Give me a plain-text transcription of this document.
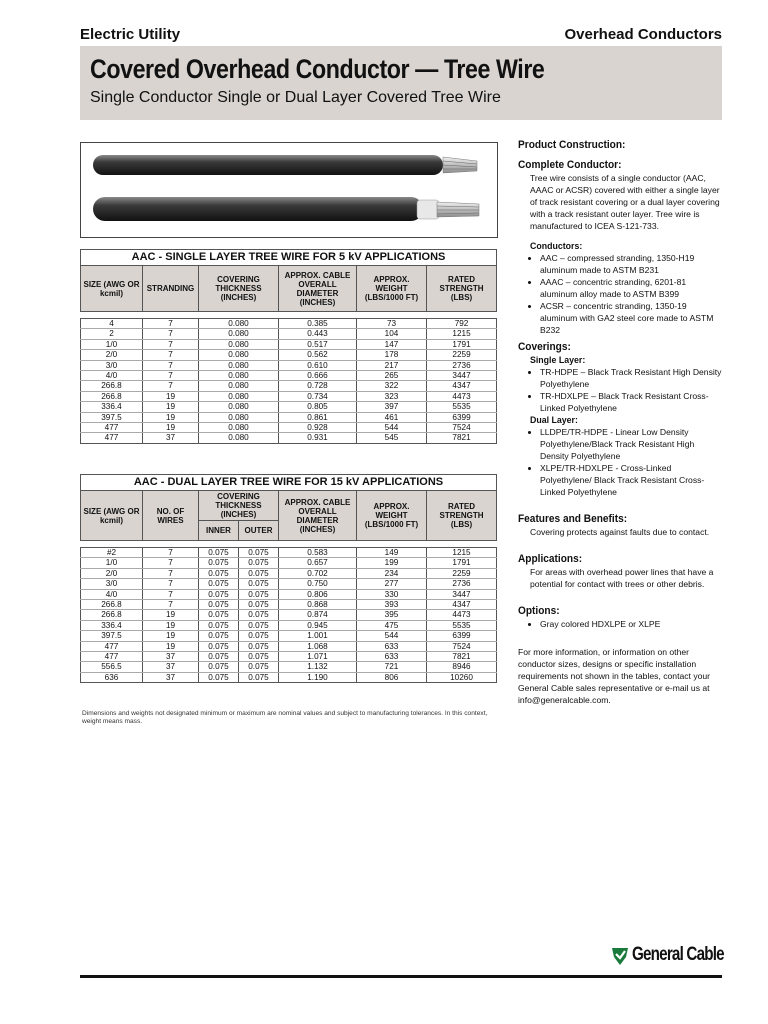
Electric Utility	Overhead Conductors
Covered Overhead Conductor — Tree Wire
Single Conductor Single or Dual Layer Covered Tree Wire
AAC - SINGLE LAYER TREE WIRE FOR 5 kV APPLICATIONS					
SIZE (AWG OR kcmil)	STRANDING	COVERING THICKNESS (INCHES)	APPROX. CABLE OVERALL DIAMETER (INCHES)	APPROX. WEIGHT (LBS/1000 FT)	RATED STRENGTH (LBS)

4	7	0.080	0.385	73	792
2	7	0.080	0.443	104	1215
1/0	7	0.080	0.517	147	1791
2/0	7	0.080	0.562	178	2259
3/0	7	0.080	0.610	217	2736
4/0	7	0.080	0.666	265	3447
266.8	7	0.080	0.728	322	4347
266.8	19	0.080	0.734	323	4473
336.4	19	0.080	0.805	397	5535
397.5	19	0.080	0.861	461	6399
477	19	0.080	0.928	544	7524
477	37	0.080	0.931	545	7821
AAC - DUAL LAYER TREE WIRE FOR 15 kV APPLICATIONS						
SIZE (AWG OR kcmil)	NO. OF WIRES	COVERING THICKNESS (INCHES)		APPROX. CABLE OVERALL DIAMETER (INCHES)	APPROX. WEIGHT (LBS/1000 FT)	RATED STRENGTH (LBS)
		INNER	OUTER			

#2	7	0.075	0.075	0.583	149	1215
1/0	7	0.075	0.075	0.657	199	1791
2/0	7	0.075	0.075	0.702	234	2259
3/0	7	0.075	0.075	0.750	277	2736
4/0	7	0.075	0.075	0.806	330	3447
266.8	7	0.075	0.075	0.868	393	4347
266.8	19	0.075	0.075	0.874	395	4473
336.4	19	0.075	0.075	0.945	475	5535
397.5	19	0.075	0.075	1.001	544	6399
477	19	0.075	0.075	1.068	633	7524
477	37	0.075	0.075	1.071	633	7821
556.5	37	0.075	0.075	1.132	721	8946
636	37	0.075	0.075	1.190	806	10260
Dimensions and weights not designated minimum or maximum are nominal values and subject to manufacturing tolerances. In this context, weight means mass.
Product Construction:
Complete Conductor:

Tree wire consists of a single conductor (AAC, AAAC or ACSR) covered with either a single layer of track resistant covering or a dual layer covering with a track resistant outer layer. Tree wire is manufactured to ICEA S-121-733.

Conductors:
• AAC – compressed stranding, 1350-H19 aluminum made to ASTM B231
• AAAC – concentric stranding, 6201-81 aluminum alloy made to ASTM B399
• ACSR – concentric stranding, 1350-19 aluminum with GA2 steel core made to ASTM B232
Coverings:
Single Layer:
• TR-HDPE – Black Track Resistant High Density Polyethylene
• TR-HDXLPE – Black Track Resistant Cross-Linked Polyethylene
Dual Layer:
• LLDPE/TR-HDPE - Linear Low Density Polyethylene/Black Track Resistant High Density Polyethylene
• XLPE/TR-HDXLPE - Cross-Linked Polyethylene/ Black Track Resistant Cross-Linked Polyethylene
Features and Benefits:

Covering protects against faults due to contact.

Applications:

For areas with overhead power lines that have a potential for contact with trees or other debris.

Options:
• Gray colored HDXLPE or XLPE

For more information, or information on other conductor sizes, designs or specific installation requirements not shown in the tables, contact your General Cable sales representative or e-mail us at info@generalcable.com.

General Cable
